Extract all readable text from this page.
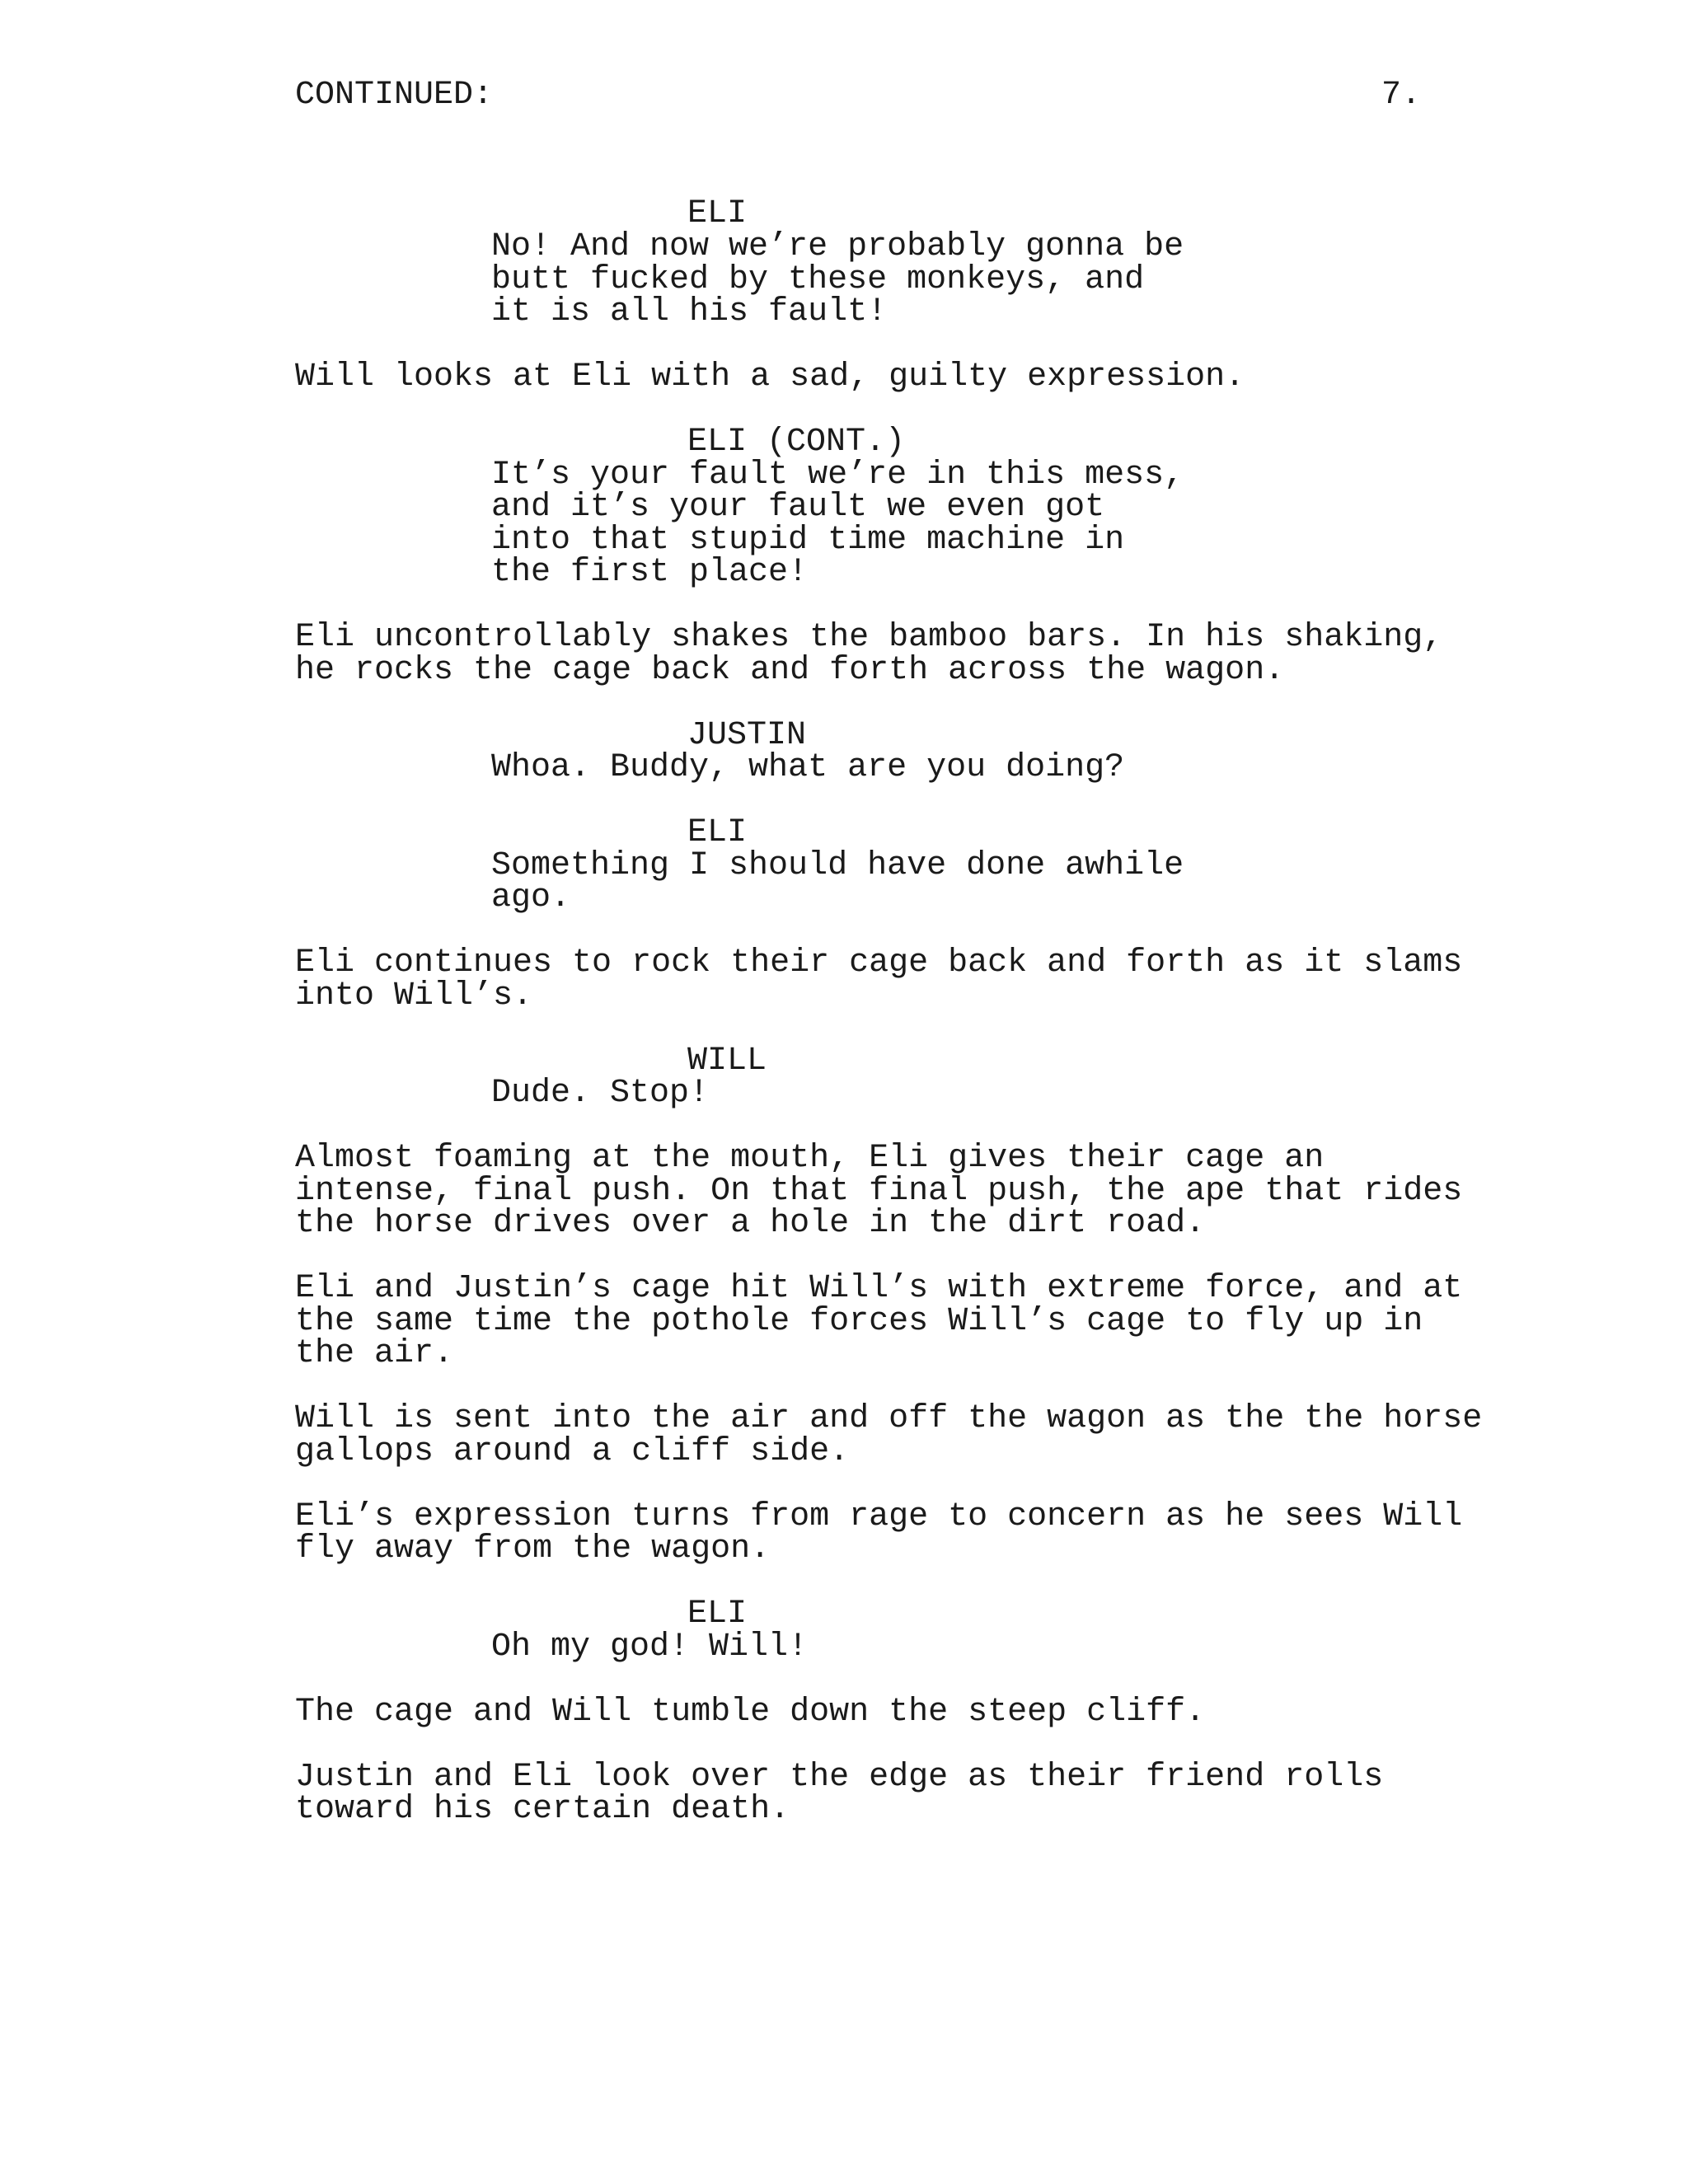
CONTINUED:	7.
ELI
No! And now we’re probably gonna be
butt fucked by these monkeys, and
it is all his fault!
Will looks at Eli with a sad, guilty expression.
ELI (CONT.)
It’s your fault we’re in this mess,
and it’s your fault we even got
into that stupid time machine in
the first place!
Eli uncontrollably shakes the bamboo bars. In his shaking,
he rocks the cage back and forth across the wagon.
JUSTIN
Whoa. Buddy, what are you doing?
ELI
Something I should have done awhile
ago.
Eli continues to rock their cage back and forth as it slams
into Will’s.
WILL
Dude. Stop!
Almost foaming at the mouth, Eli gives their cage an
intense, final push. On that final push, the ape that rides
the horse drives over a hole in the dirt road.
Eli and Justin’s cage hit Will’s with extreme force, and at
the same time the pothole forces Will’s cage to fly up in
the air.
Will is sent into the air and off the wagon as the the horse
gallops around a cliff side.
Eli’s expression turns from rage to concern as he sees Will
fly away from the wagon.
ELI
Oh my god! Will!
The cage and Will tumble down the steep cliff.
Justin and Eli look over the edge as their friend rolls
toward his certain death.
